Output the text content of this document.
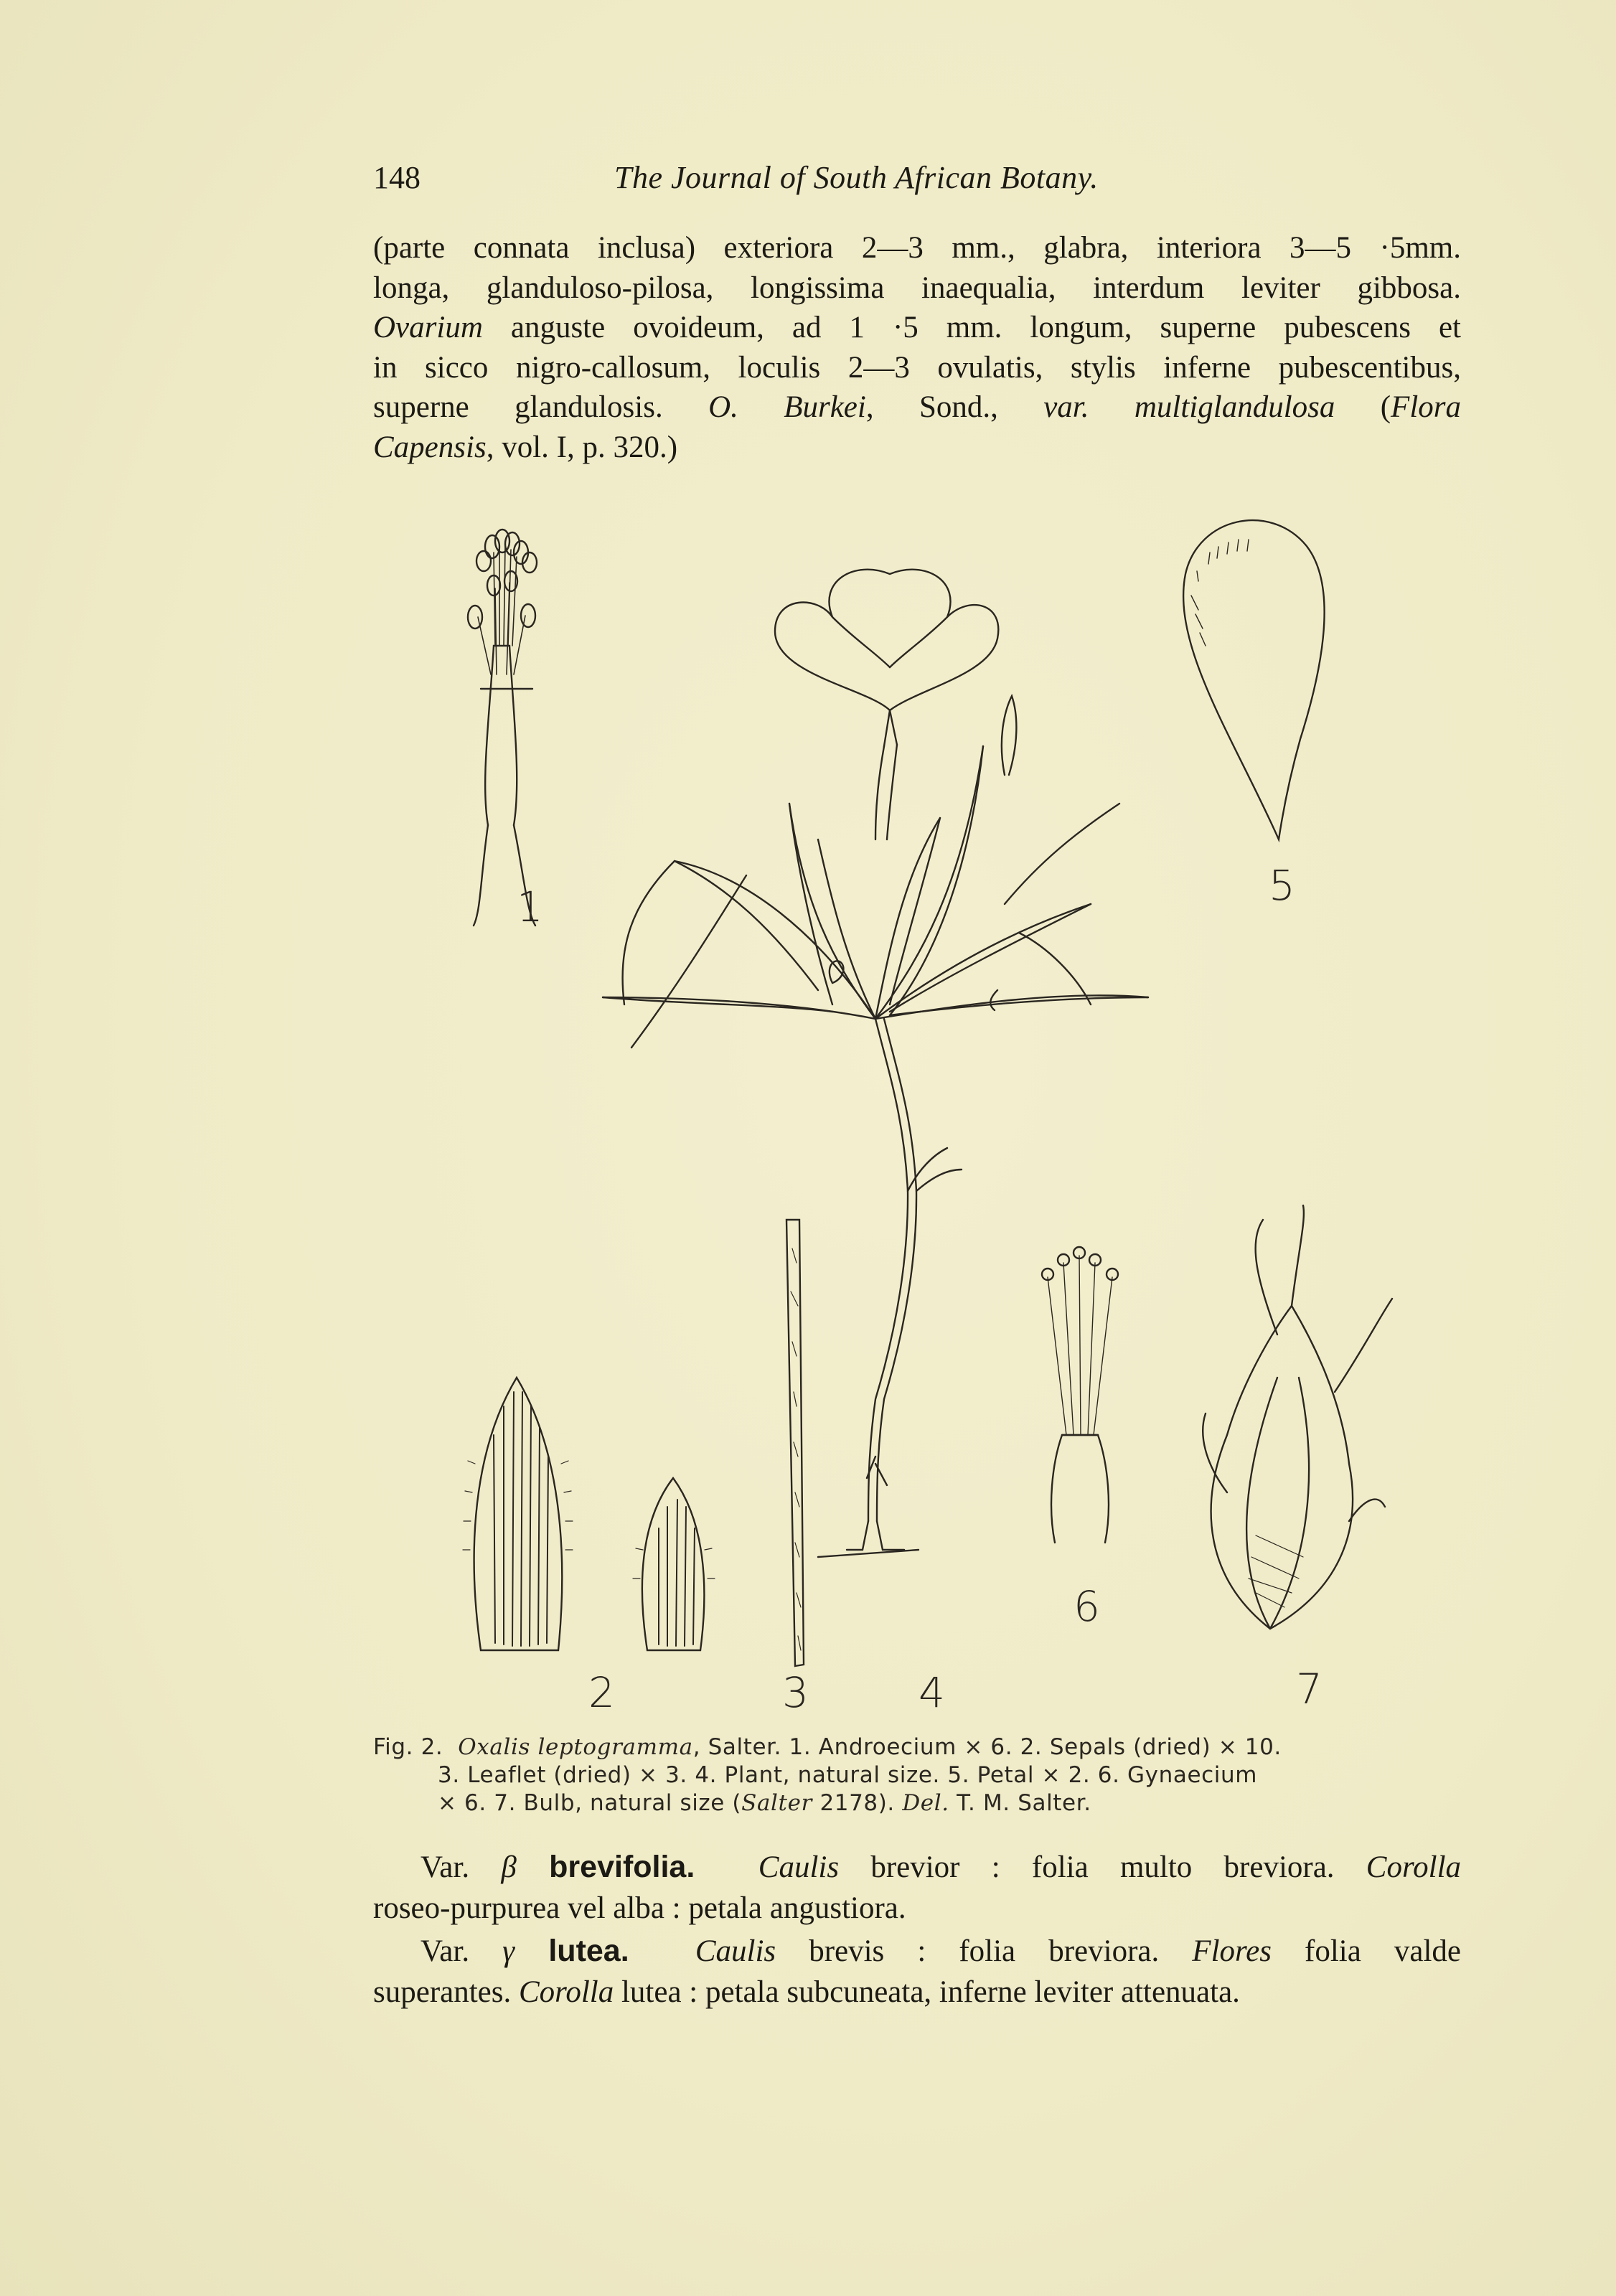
148	The Journal of South African Botany.
(parte connata inclusa) exteriora 2—3 mm., glabra, interiora 3—5 ·5mm.
longa, glanduloso-pilosa, longissima inaequalia, interdum leviter gibbosa.
Ovarium anguste ovoideum, ad 1 ·5 mm. longum, superne pubescens et
in sicco nigro-callosum, loculis 2—3 ovulatis, stylis inferne pubescentibus,
superne glandulosis. O. Burkei, Sond., var. multiglandulosa (Flora
Capensis, vol. I, p. 320.)
1
2	3	4
5
6
7
Fig. 2. Oxalis leptogramma, Salter. 1. Androecium × 6. 2. Sepals (dried) × 10.
3. Leaflet (dried) × 3. 4. Plant, natural size. 5. Petal × 2. 6. Gynaecium
× 6. 7. Bulb, natural size (Salter 2178). Del. T. M. Salter.
Var. β brevifolia. Caulis brevior : folia multo breviora. Corolla
roseo-purpurea vel alba : petala angustiora.
Var. γ lutea. Caulis brevis : folia breviora. Flores folia valde
superantes. Corolla lutea : petala subcuneata, inferne leviter attenuata.
